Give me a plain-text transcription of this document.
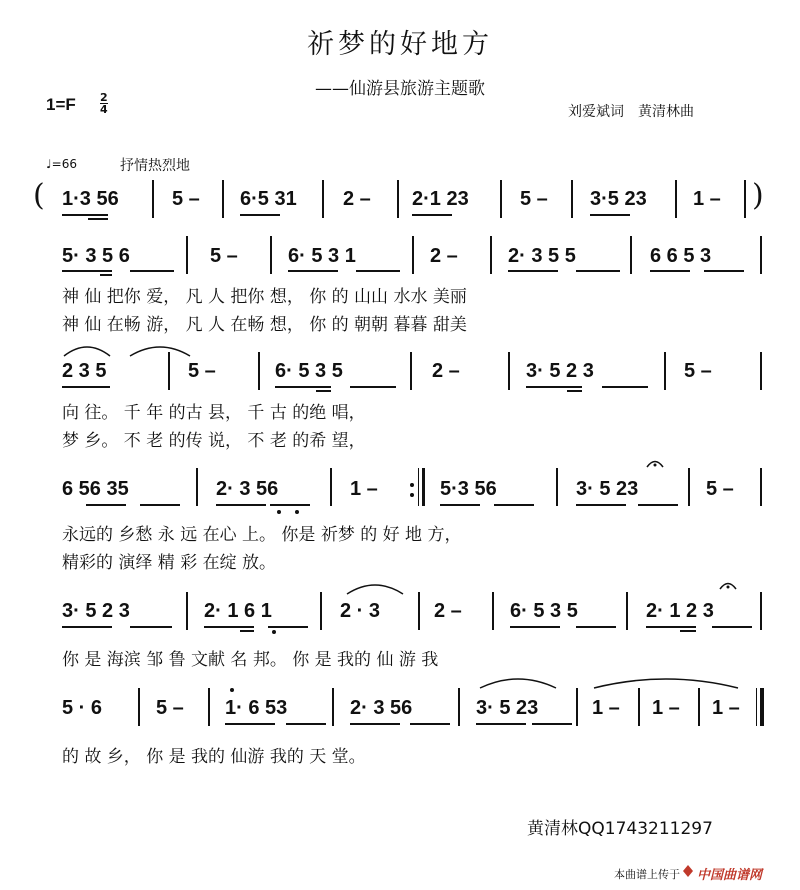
祈梦的好地方
——仙游县旅游主题歌
1=F 2
4	刘爱斌词　黄清林曲
♩=66	抒情热烈地
( 1·3 56	5 – 6·5 31 2 – 2·1 23	5 – 3·5 23 1 – )
5· 3 5 6	5 –	6· 5 3 1	2 –	2· 3 5 5	6 6 5 3
神 仙 把你 爱， 凡 人 把你 想， 你 的 山山 水水 美丽
神 仙 在畅 游， 凡 人 在畅 想， 你 的 朝朝 暮暮 甜美
2 3 5	5 –	6· 5 3 5	2 –	3· 5 2 3	5 –
向 往。 千 年 的古 县， 千 古 的绝 唱，
梦 乡。 不 老 的传 说， 不 老 的希 望，
6 56 35	2· 3 56	1 –	5·3 56	3· 5 23	5 –
永远的 乡愁 永 远 在心 上。 你是 祈梦 的 好 地 方，
精彩的 演绎 精 彩 在绽 放。
3· 5 2 3	2· 1 6 1	2 · 3	2 – 6· 5 3 5	2· 1 2 3
你 是 海滨 邹 鲁 文献 名 邦。 你 是 我的 仙 游 我
5 · 6	5 – 1· 6 53	2· 3 56	3· 5 23	1 – 1 – 1 –
的 故 乡， 你 是 我的 仙游 我的 天 堂。
黄清林QQ1743211297
本曲谱上传于 中国曲谱网
